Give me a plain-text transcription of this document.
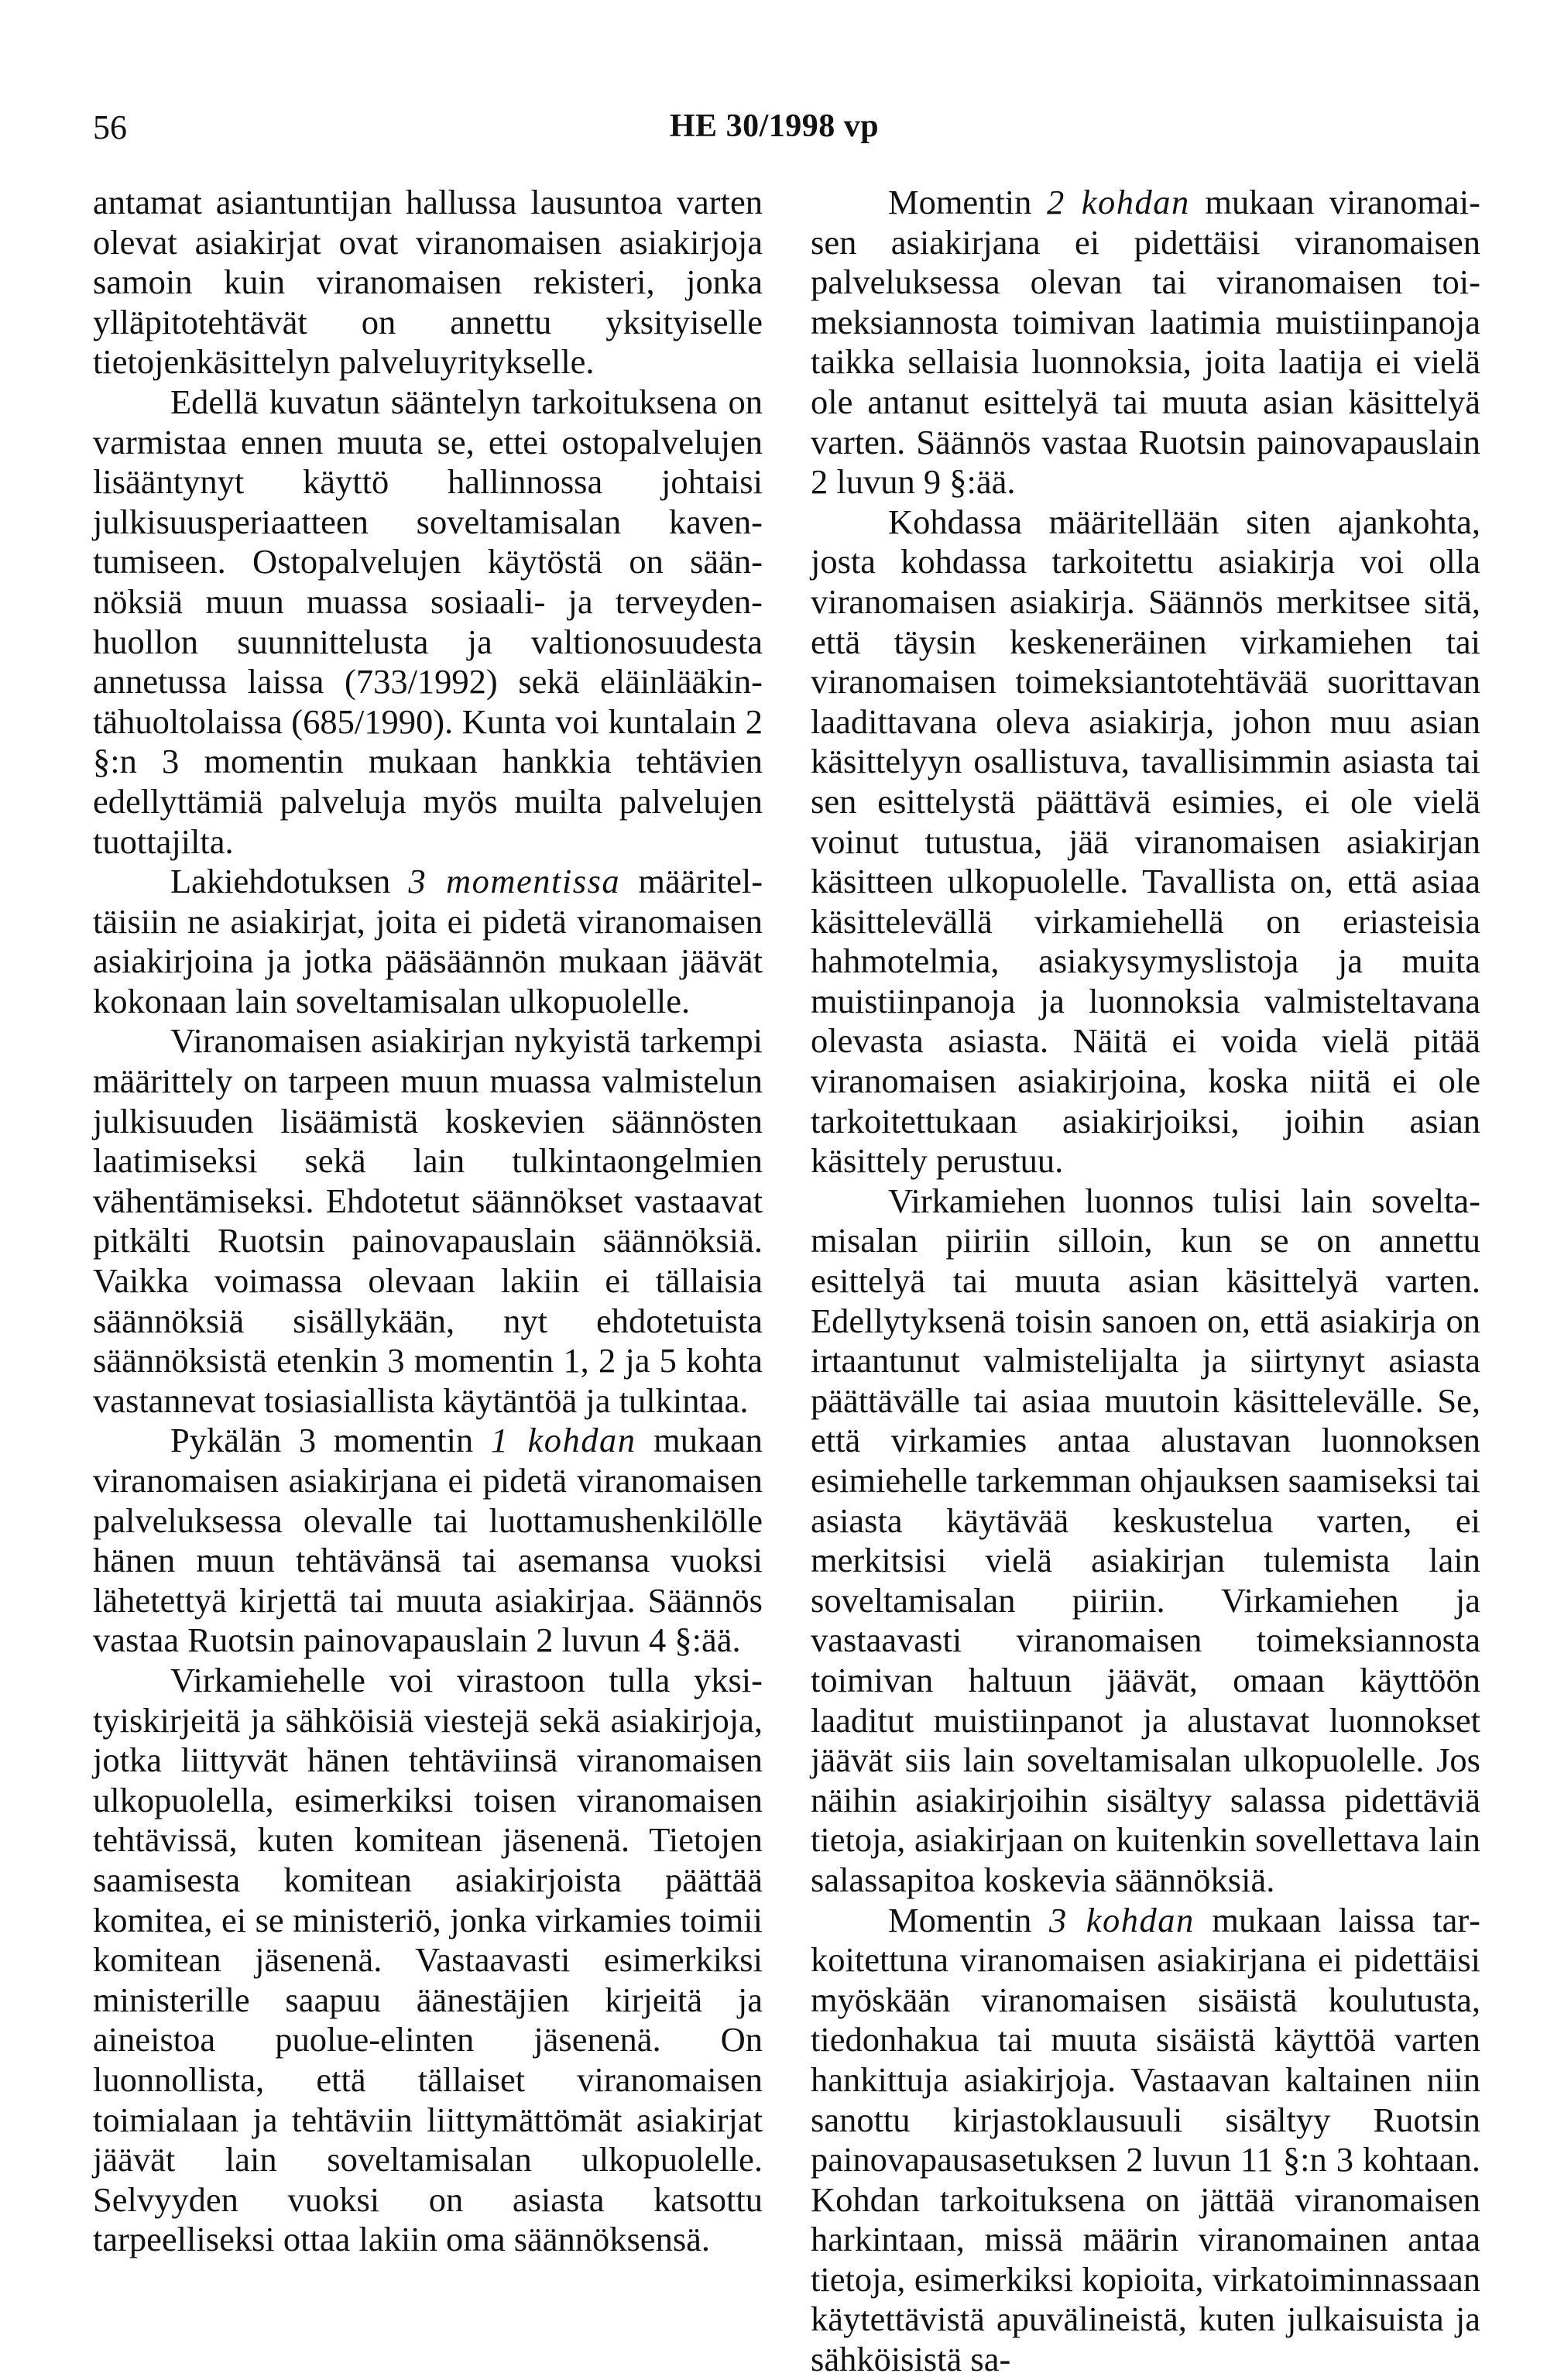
56	HE 30/1998 vp

antamat asiantuntijan hallussa lausuntoa varten olevat asiakirjat ovat viranomaisen asiakirjoja samoin kuin viranomaisen rekisteri, jonka ylläpitotehtävät on annettu yksityiselle tietojenkäsittelyn palveluyritykselle.

Edellä kuvatun sääntelyn tarkoituksena on varmistaa ennen muuta se, ettei ostopalvelujen lisääntynyt käyttö hallinnossa johtaisi julkisuusperiaatteen soveltamisalan kaventumiseen. Ostopalvelujen käytöstä on säännöksiä muun muassa sosiaali- ja terveydenhuollon suunnittelusta ja valtionosuudesta annetussa laissa (733/1992) sekä eläinlääkintähuoltolaissa (685/1990). Kunta voi kuntalain 2 §:n 3 momentin mukaan hankkia tehtävien edellyttämiä palveluja myös muilta palvelujen tuottajilta.

Lakiehdotuksen 3 momentissa määriteltäisiin ne asiakirjat, joita ei pidetä viranomaisen asiakirjoina ja jotka pääsäännön mukaan jäävät kokonaan lain soveltamisalan ulkopuolelle.

Viranomaisen asiakirjan nykyistä tarkempi määrittely on tarpeen muun muassa valmistelun julkisuuden lisäämistä koskevien säännösten laatimiseksi sekä lain tulkintaongelmien vähentämiseksi. Ehdotetut säännökset vastaavat pitkälti Ruotsin painovapauslain säännöksiä. Vaikka voimassa olevaan lakiin ei tällaisia säännöksiä sisällykään, nyt ehdotetuista säännöksistä etenkin 3 momentin 1, 2 ja 5 kohta vastannevat tosiasiallista käytäntöä ja tulkintaa.

Pykälän 3 momentin 1 kohdan mukaan viranomaisen asiakirjana ei pidetä viranomaisen palveluksessa olevalle tai luottamushenkilölle hänen muun tehtävänsä tai asemansa vuoksi lähetettyä kirjettä tai muuta asiakirjaa. Säännös vastaa Ruotsin painovapauslain 2 luvun 4 §:ää.

Virkamiehelle voi virastoon tulla yksityiskirjeitä ja sähköisiä viestejä sekä asiakirjoja, jotka liittyvät hänen tehtäviinsä viranomaisen ulkopuolella, esimerkiksi toisen viranomaisen tehtävissä, kuten komitean jäsenenä. Tietojen saamisesta komitean asiakirjoista päättää komitea, ei se ministeriö, jonka virkamies toimii komitean jäsenenä. Vastaavasti esimerkiksi ministerille saapuu äänestäjien kirjeitä ja aineistoa puolue-elinten jäsenenä. On luonnollista, että tällaiset viranomaisen toimialaan ja tehtäviin liittymättömät asiakirjat jäävät lain soveltamisalan ulkopuolelle. Selvyyden vuoksi on asiasta katsottu tarpeelliseksi ottaa lakiin oma säännöksensä.

Momentin 2 kohdan mukaan viranomaisen asiakirjana ei pidettäisi viranomaisen palveluksessa olevan tai viranomaisen toimeksiannosta toimivan laatimia muistiinpanoja taikka sellaisia luonnoksia, joita laatija ei vielä ole antanut esittelyä tai muuta asian käsittelyä varten. Säännös vastaa Ruotsin painovapauslain 2 luvun 9 §:ää.

Kohdassa määritellään siten ajankohta, josta kohdassa tarkoitettu asiakirja voi olla viranomaisen asiakirja. Säännös merkitsee sitä, että täysin keskeneräinen virkamiehen tai viranomaisen toimeksiantotehtävää suorittavan laadittavana oleva asiakirja, johon muu asian käsittelyyn osallistuva, tavallisimmin asiasta tai sen esittelystä päättävä esimies, ei ole vielä voinut tutustua, jää viranomaisen asiakirjan käsitteen ulkopuolelle. Tavallista on, että asiaa käsittelevällä virkamiehellä on eriasteisia hahmotelmia, asiakysymyslistoja ja muita muistiinpanoja ja luonnoksia valmisteltavana olevasta asiasta. Näitä ei voida vielä pitää viranomaisen asiakirjoina, koska niitä ei ole tarkoitettukaan asiakirjoiksi, joihin asian käsittely perustuu.

Virkamiehen luonnos tulisi lain soveltamisalan piiriin silloin, kun se on annettu esittelyä tai muuta asian käsittelyä varten. Edellytyksenä toisin sanoen on, että asiakirja on irtaantunut valmistelijalta ja siirtynyt asiasta päättävälle tai asiaa muutoin käsittelevälle. Se, että virkamies antaa alustavan luonnoksen esimiehelle tarkemman ohjauksen saamiseksi tai asiasta käytävää keskustelua varten, ei merkitsisi vielä asiakirjan tulemista lain soveltamisalan piiriin. Virkamiehen ja vastaavasti viranomaisen toimeksiannosta toimivan haltuun jäävät, omaan käyttöön laaditut muistiinpanot ja alustavat luonnokset jäävät siis lain soveltamisalan ulkopuolelle. Jos näihin asiakirjoihin sisältyy salassa pidettäviä tietoja, asiakirjaan on kuitenkin sovellettava lain salassapitoa koskevia säännöksiä.

Momentin 3 kohdan mukaan laissa tarkoitettuna viranomaisen asiakirjana ei pidettäisi myöskään viranomaisen sisäistä koulutusta, tiedonhakua tai muuta sisäistä käyttöä varten hankittuja asiakirjoja. Vastaavan kaltainen niin sanottu kirjastoklausuuli sisältyy Ruotsin painovapausasetuksen 2 luvun 11 §:n 3 kohtaan. Kohdan tarkoituksena on jättää viranomaisen harkintaan, missä määrin viranomainen antaa tietoja, esimerkiksi kopioita, virkatoiminnassaan käytettävistä apuvälineistä, kuten julkaisuista ja sähköisistä sa-
